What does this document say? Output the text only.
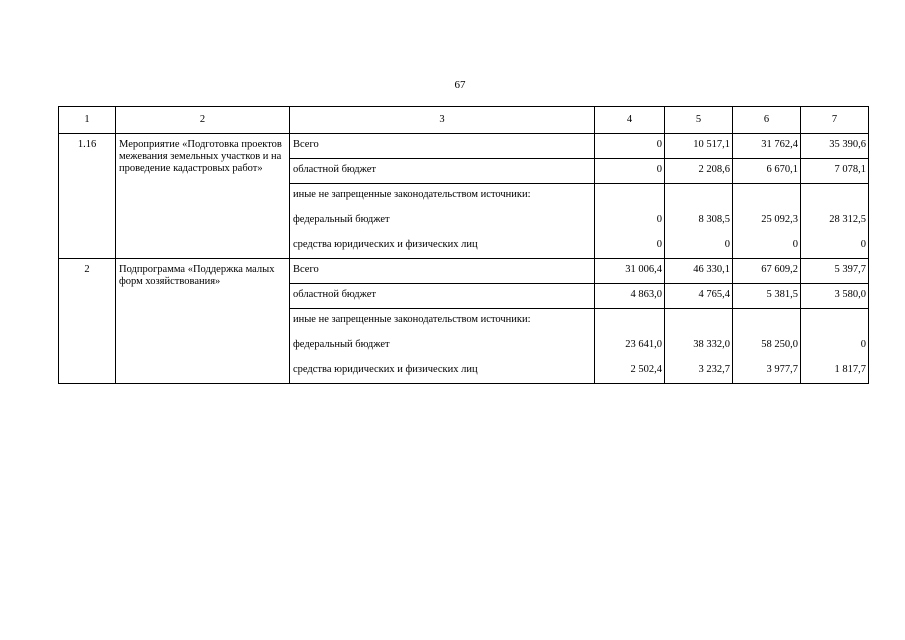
67
1	2	3	4	5	6	7
1.16	Мероприятие «Подготовка проектов межевания земельных участков и на проведение кадастровых работ»	Всего	0	10 517,1	31 762,4	35 390,6
		областной бюджет	0	2 208,6	6 670,1	7 078,1
		иные не запрещенные законодательством источники:				
		федеральный бюджет	0	8 308,5	25 092,3	28 312,5
		средства юридических и физических лиц	0	0	0	0
2	Подпрограмма «Поддержка малых форм хозяйствования»	Всего	31 006,4	46 330,1	67 609,2	5 397,7
		областной бюджет	4 863,0	4 765,4	5 381,5	3 580,0
		иные не запрещенные законодательством источники:				
		федеральный бюджет	23 641,0	38 332,0	58 250,0	0
		средства юридических и физических лиц	2 502,4	3 232,7	3 977,7	1 817,7
